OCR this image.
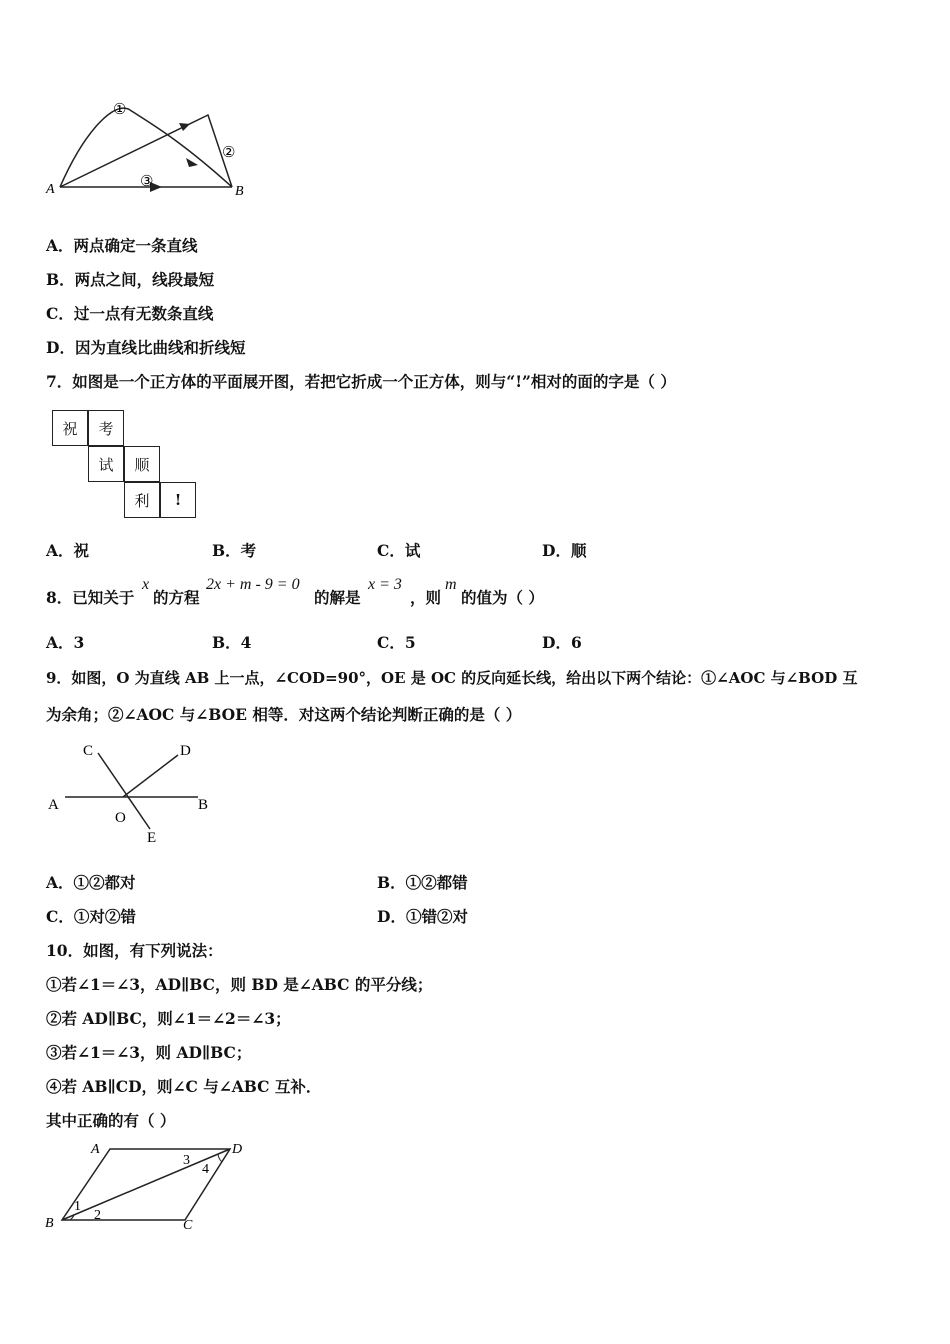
A	B
①
②
③
A．两点确定一条直线
B．两点之间，线段最短
C．过一点有无数条直线
D．因为直线比曲线和折线短
7．如图是一个正方体的平面展开图，若把它折成一个正方体，则与“!”相对的面的字是（ ）
祝	考
试	顺
利	!
A．祝	B．考	C．试	D．顺
8．已知关于
x
的方程
2x + m - 9 = 0
的解是
x = 3
，则
m
的值为（ ）
A．3	B．4	C．5	D．6
9．如图，O 为直线 AB 上一点，∠COD=90°，OE 是 OC 的反向延长线，给出以下两个结论：①∠AOC 与∠BOD 互
为余角；②∠AOC 与∠BOE 相等．对这两个结论判断正确的是（ ）
A	B
C	D
O
E
A．①②都对	B．①②都错
C．①对②错	D．①错②对
10．如图，有下列说法：
①若∠1＝∠3，AD∥BC，则 BD 是∠ABC 的平分线；
②若 AD∥BC，则∠1＝∠2＝∠3；
③若∠1＝∠3，则 AD∥BC；
④若 AB∥CD，则∠C 与∠ABC 互补．
其中正确的有（ ）
A	D
B	C
1
2
3
4
